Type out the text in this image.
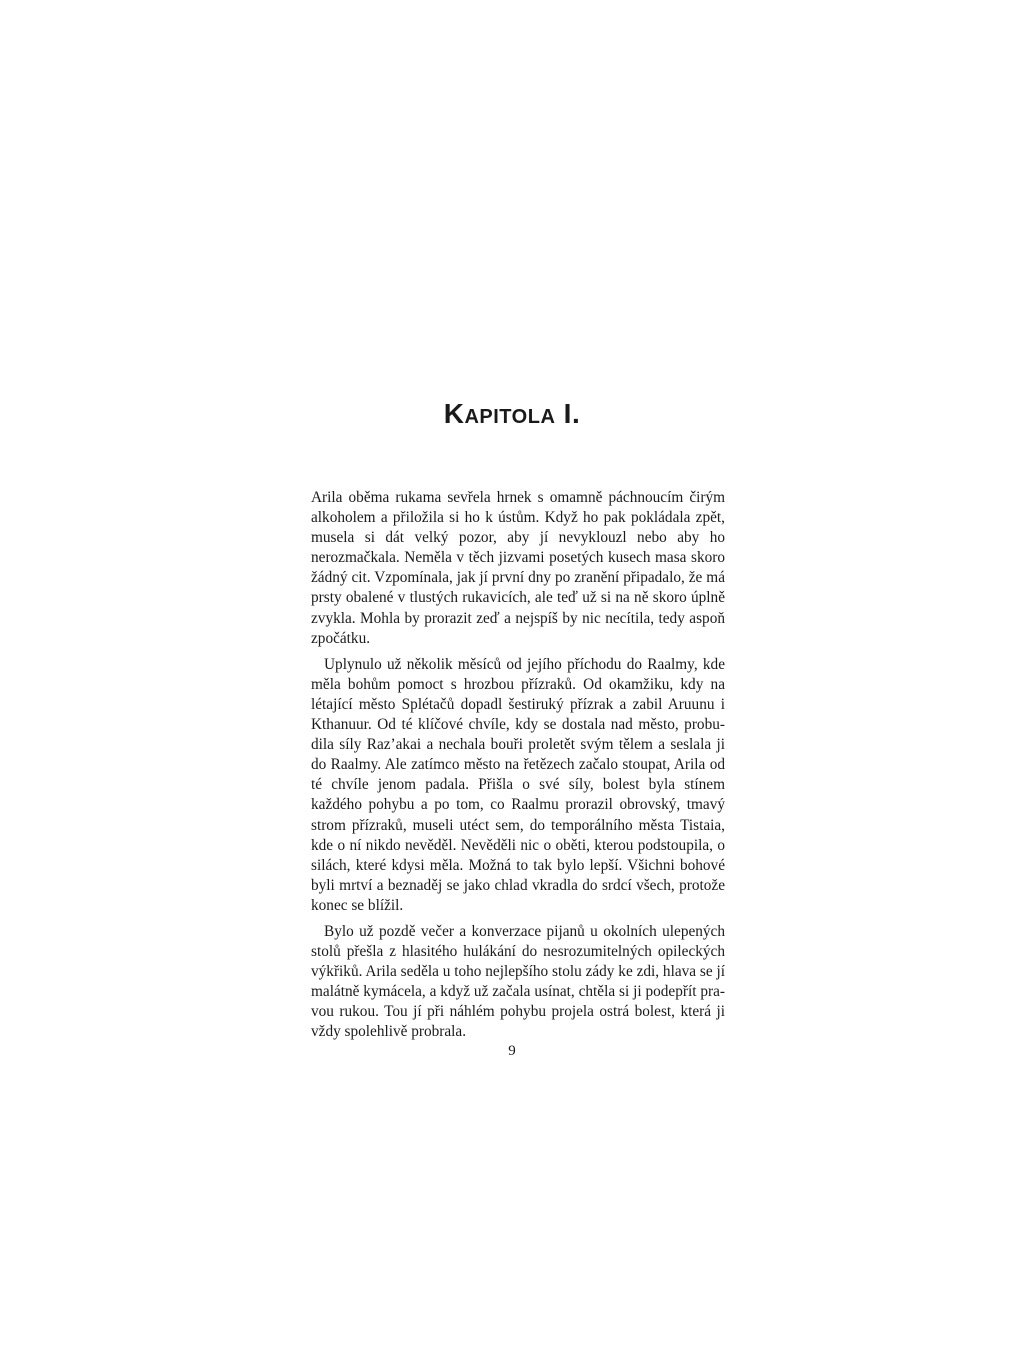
Kapitola I.

Arila oběma rukama sevřela hrnek s omamně páchnoucím čirým alkoholem a přiložila si ho k ústům. Když ho pak pokládala zpět, musela si dát velký pozor, aby jí nevyklouzl nebo aby ho nerozmačkala. Neměla v těch jizvami posetých kusech masa skoro žádný cit. Vzpomínala, jak jí první dny po zranění připadalo, že má prsty obalené v tlustých rukavicích, ale teď už si na ně skoro úplně zvykla. Mohla by prorazit zeď a nejspíš by nic necítila, tedy aspoň zpočátku.

Uplynulo už několik měsíců od jejího příchodu do Raalmy, kde měla bohům pomoct s hrozbou přízraků. Od okamžiku, kdy na létající město Splétačů dopadl šestiruký přízrak a zabil Aruunu i Kthanuur. Od té klíčové chvíle, kdy se dostala nad město, probudila síly Raz’akai a nechala bouři proletět svým tělem a seslala ji do Raalmy. Ale zatímco město na řetězech začalo stoupat, Arila od té chvíle jenom padala. Přišla o své síly, bolest byla stínem každého pohybu a po tom, co Raalmu prorazil obrovský, tmavý strom přízraků, museli utéct sem, do temporálního města Tistaia, kde o ní nikdo nevěděl. Nevěděli nic o oběti, kterou podstoupila, o silách, které kdysi měla. Možná to tak bylo lepší. Všichni bohové byli mrtví a beznaděj se jako chlad vkradla do srdcí všech, protože konec se blížil.

Bylo už pozdě večer a konverzace pijanů u okolních ulepených stolů přešla z hlasitého hulákání do nesrozumitelných opileckých výkřiků. Arila seděla u toho nejlepšího stolu zády ke zdi, hlava se jí malátně kymácela, a když už začala usínat, chtěla si ji podepřít pravou rukou. Tou jí při náhlém pohybu projela ostrá bolest, která ji vždy spolehlivě probrala.

9
